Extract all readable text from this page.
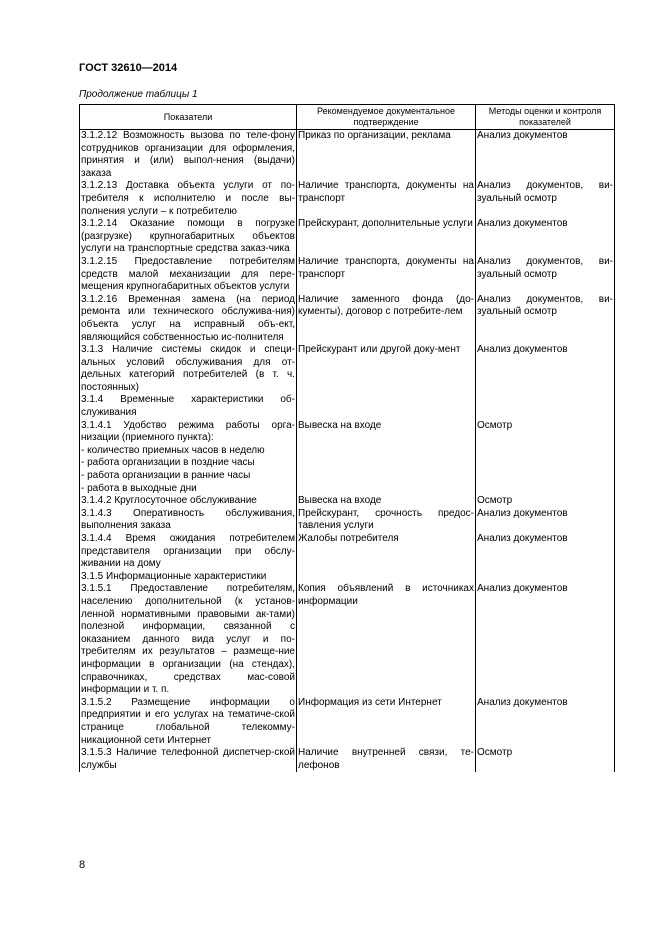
ГОСТ 32610—2014
Продолжение таблицы 1
Показатели	Рекомендуемое документальное подтверждение	Методы оценки и контроля показателей
3.1.2.12 Возможность вызова по теле-фону сотрудников организации для оформления, принятия и (или) выпол-нения (выдачи) заказа	Приказ по организации, реклама	Анализ документов
3.1.2.13 Доставка объекта услуги от по-требителя к исполнителю и после вы-полнения услуги – к потребителю	Наличие транспорта, документы на транспорт	Анализ документов, ви-зуальный осмотр
3.1.2.14 Оказание помощи в погрузке (разгрузке) крупногабаритных объектов услуги на транспортные средства заказ-чика	Прейскурант, дополнительные услуги	Анализ документов
3.1.2.15 Предоставление потребителям средств малой механизации для пере-мещения крупногабаритных объектов услуги	Наличие транспорта, документы на транспорт	Анализ документов, ви-зуальный осмотр
3.1.2.16 Временная замена (на период ремонта или технического обслужива-ния) объекта услуг на исправный объ-ект, являющийся собственностью ис-полнителя	Наличие заменного фонда (до-кументы), договор с потребите-лем	Анализ документов, ви-зуальный осмотр
3.1.3 Наличие системы скидок и специ-альных условий обслуживания для от-дельных категорий потребителей (в т. ч. постоянных)	Прейскурант или другой доку-мент	Анализ документов
3.1.4 Временные характеристики об-служивания		
3.1.4.1 Удобство режима работы орга-низации (приемного пункта):
- количество приемных часов в неделю
- работа организации в поздние часы
- работа организации в ранние часы
- работа в выходные дни	Вывеска на входе	Осмотр
3.1.4.2 Круглосуточное обслуживание	Вывеска на входе	Осмотр
3.1.4.3 Оперативность обслуживания, выполнения заказа	Прейскурант, срочность предос-тавления услуги	Анализ документов
3.1.4.4 Время ожидания потребителем представителя организации при обслу-живании на дому	Жалобы потребителя	Анализ документов
3.1.5 Информационные характеристики		
3.1.5.1 Предоставление потребителям, населению дополнительной (к установ-ленной нормативными правовыми ак-тами) полезной информации, связанной с оказанием данного вида услуг и по-требителям их результатов – размеще-ние информации в организации (на стендах), справочниках, средствах мас-совой информации и т. п.	Копия объявлений в источниках информации	Анализ документов
3.1.5.2 Размещение информации о предприятии и его услугах на тематиче-ской странице глобальной телекомму-никационной сети Интернет	Информация из сети Интернет	Анализ документов
3.1.5.3 Наличие телефонной диспетчер-ской службы	Наличие внутренней связи, те-лефонов	Осмотр
8
